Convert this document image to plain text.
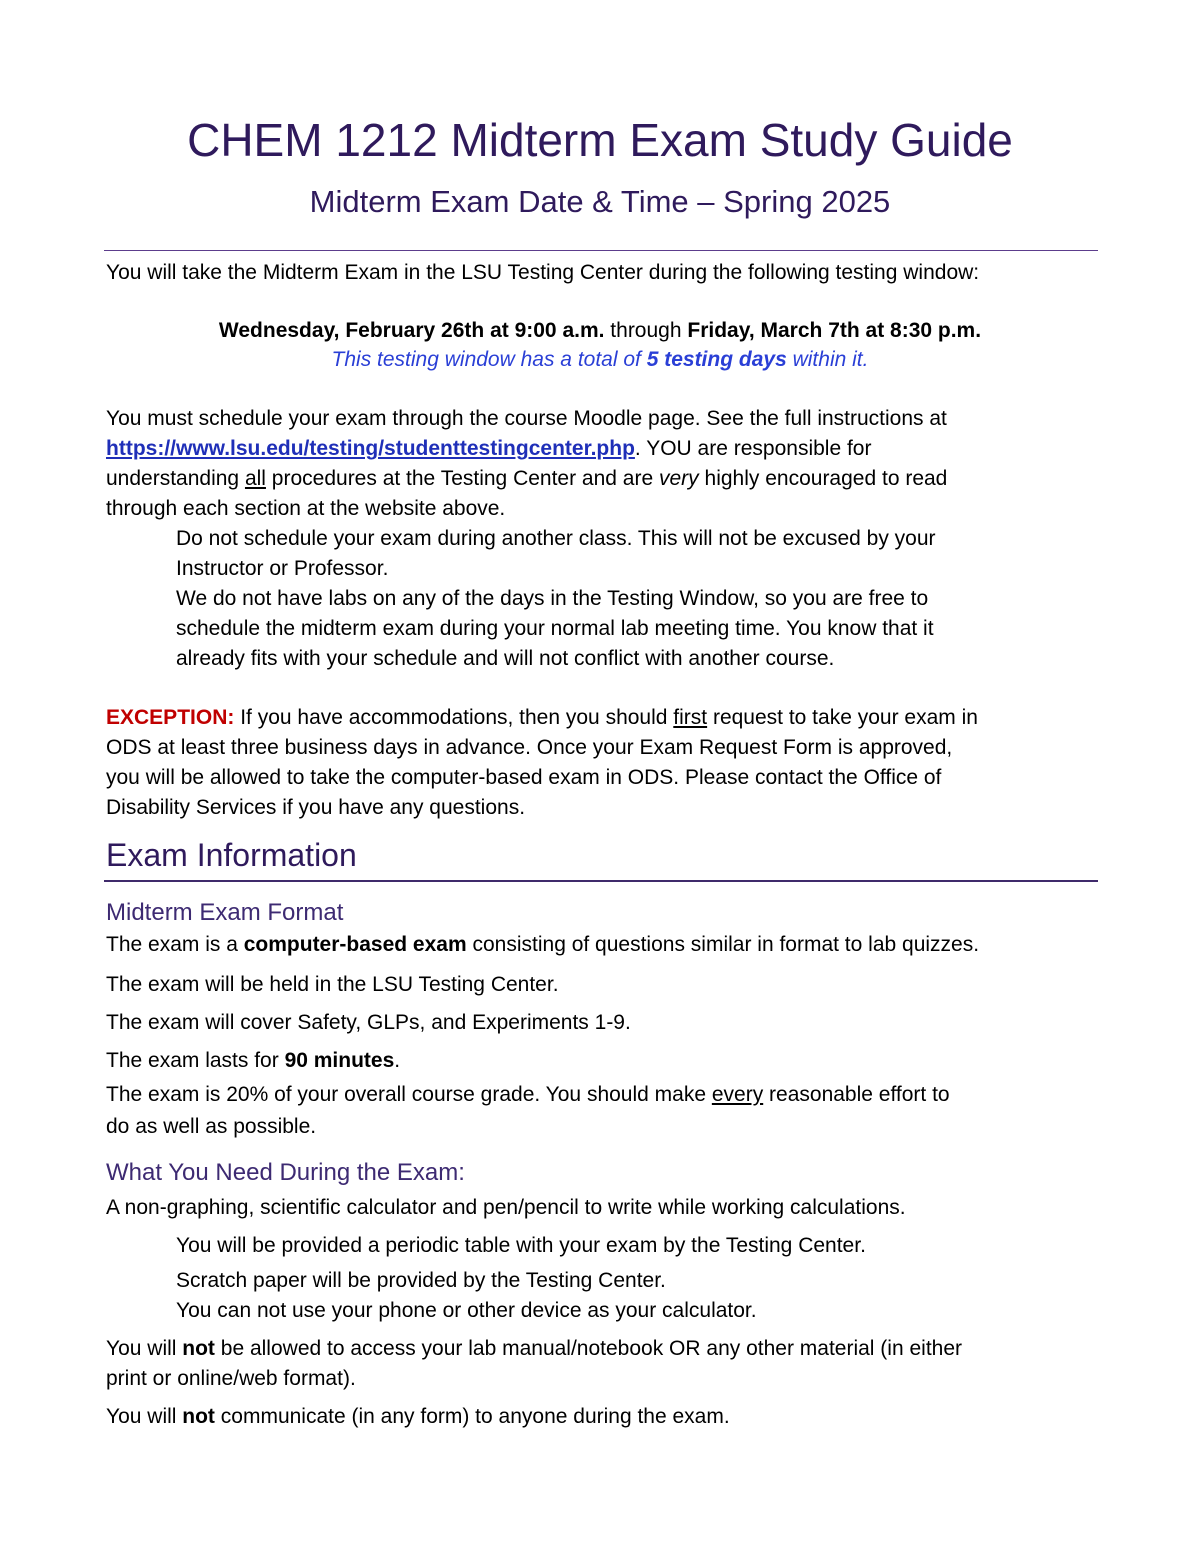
CHEM 1212 Midterm Exam Study Guide
Midterm Exam Date & Time – Spring 2025
You will take the Midterm Exam in the LSU Testing Center during the following testing window:
Wednesday, February 26th at 9:00 a.m. through Friday, March 7th at 8:30 p.m.
This testing window has a total of 5 testing days within it.
You must schedule your exam through the course Moodle page. See the full instructions at
https://www.lsu.edu/testing/studenttestingcenter.php. YOU are responsible for
understanding all procedures at the Testing Center and are very highly encouraged to read
through each section at the website above.
Do not schedule your exam during another class. This will not be excused by your
Instructor or Professor.
We do not have labs on any of the days in the Testing Window, so you are free to
schedule the midterm exam during your normal lab meeting time. You know that it
already fits with your schedule and will not conflict with another course.
EXCEPTION: If you have accommodations, then you should first request to take your exam in
ODS at least three business days in advance. Once your Exam Request Form is approved,
you will be allowed to take the computer-based exam in ODS. Please contact the Office of
Disability Services if you have any questions.
Exam Information
Midterm Exam Format
The exam is a computer-based exam consisting of questions similar in format to lab quizzes.
The exam will be held in the LSU Testing Center.
The exam will cover Safety, GLPs, and Experiments 1-9.
The exam lasts for 90 minutes.
The exam is 20% of your overall course grade. You should make every reasonable effort to
do as well as possible.
What You Need During the Exam:
A non-graphing, scientific calculator and pen/pencil to write while working calculations.
You will be provided a periodic table with your exam by the Testing Center.
Scratch paper will be provided by the Testing Center.
You can not use your phone or other device as your calculator.
You will not be allowed to access your lab manual/notebook OR any other material (in either
print or online/web format).
You will not communicate (in any form) to anyone during the exam.
